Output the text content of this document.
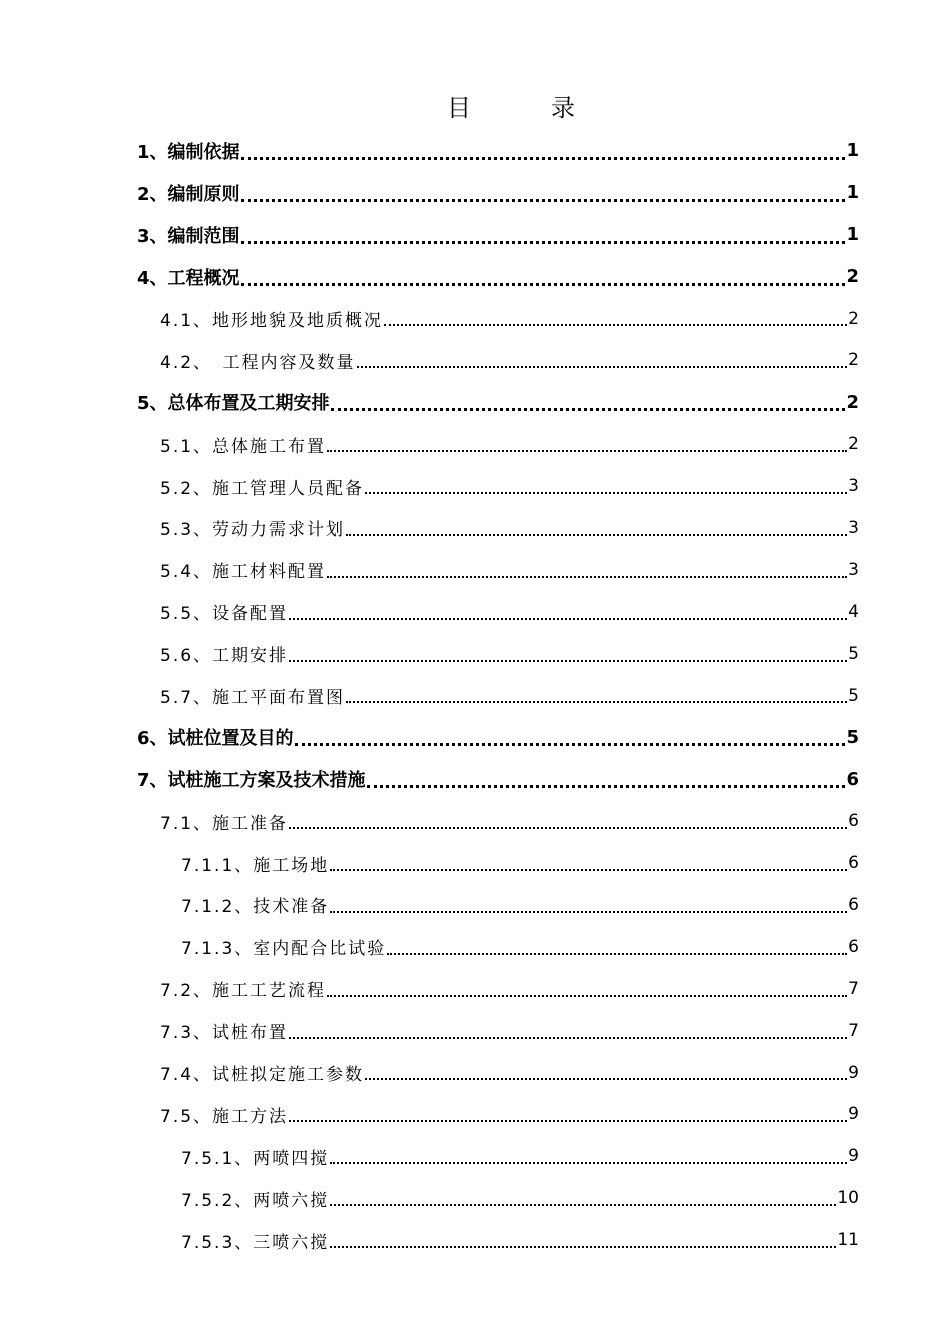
目　录
1、编制依据	1
2、编制原则	1
3、编制范围	1
4、工程概况	2
4.1、地形地貌及地质概况	2
4.2、　工程内容及数量	2
5、总体布置及工期安排	2
5.1、总体施工布置	2
5.2、施工管理人员配备	3
5.3、劳动力需求计划	3
5.4、施工材料配置	3
5.5、设备配置	4
5.6、工期安排	5
5.7、施工平面布置图	5
6、试桩位置及目的	5
7、试桩施工方案及技术措施	6
7.1、施工准备	6
7.1.1、施工场地	6
7.1.2、技术准备	6
7.1.3、室内配合比试验	6
7.2、施工工艺流程	7
7.3、试桩布置	7
7.4、试桩拟定施工参数	9
7.5、施工方法	9
7.5.1、两喷四搅	9
7.5.2、两喷六搅	10
7.5.3、三喷六搅	11
